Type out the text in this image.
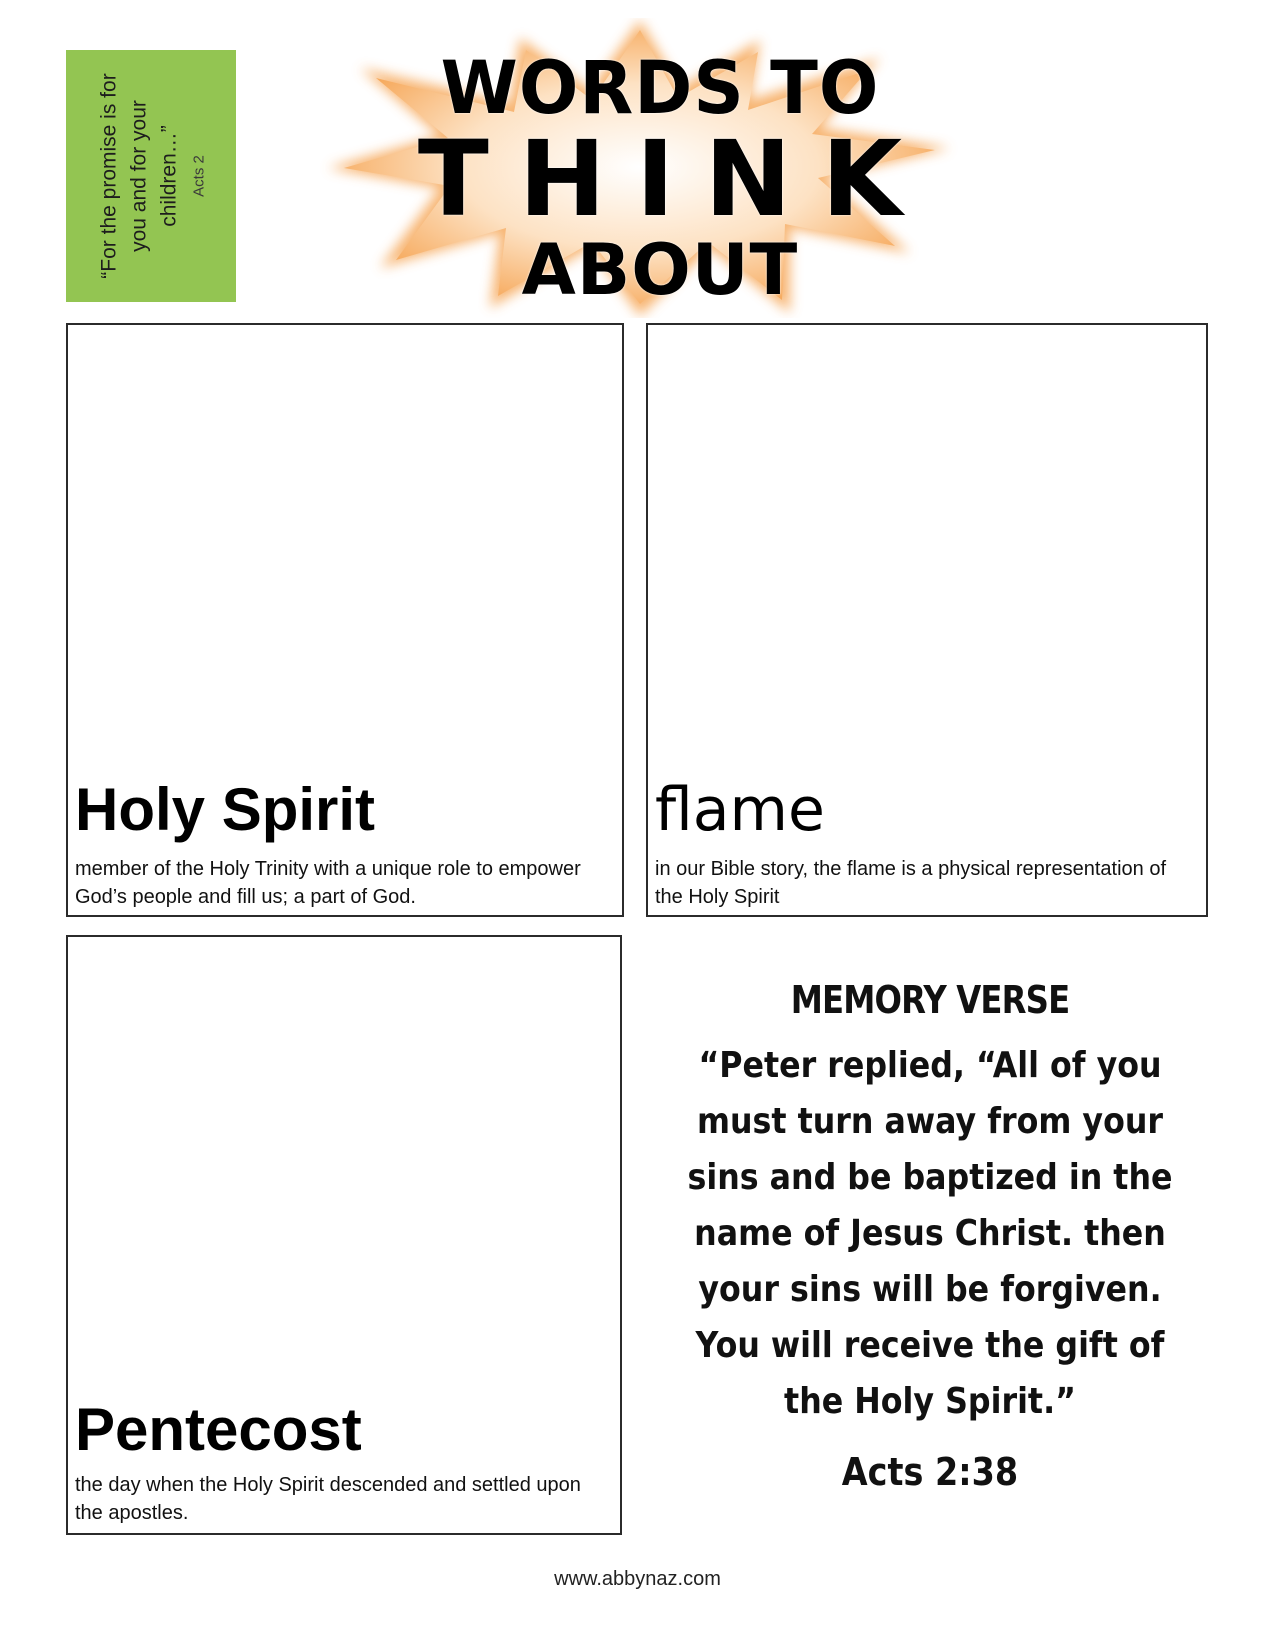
“For the promise is for you and for your children…” Acts 2
WORDS TO
THINK
ABOUT
Holy Spirit
member of the Holy Trinity with a unique role to empower God’s people and fill us; a part of God.
flame
in our Bible story, the flame is a physical representation of the Holy Spirit
Pentecost
the day when the Holy Spirit descended and settled upon the apostles.
MEMORY VERSE
“Peter replied, “All of you must turn away from your sins and be baptized in the name of Jesus Christ. then your sins will be forgiven. You will receive the gift of the Holy Spirit.”
Acts 2:38
www.abbynaz.com
